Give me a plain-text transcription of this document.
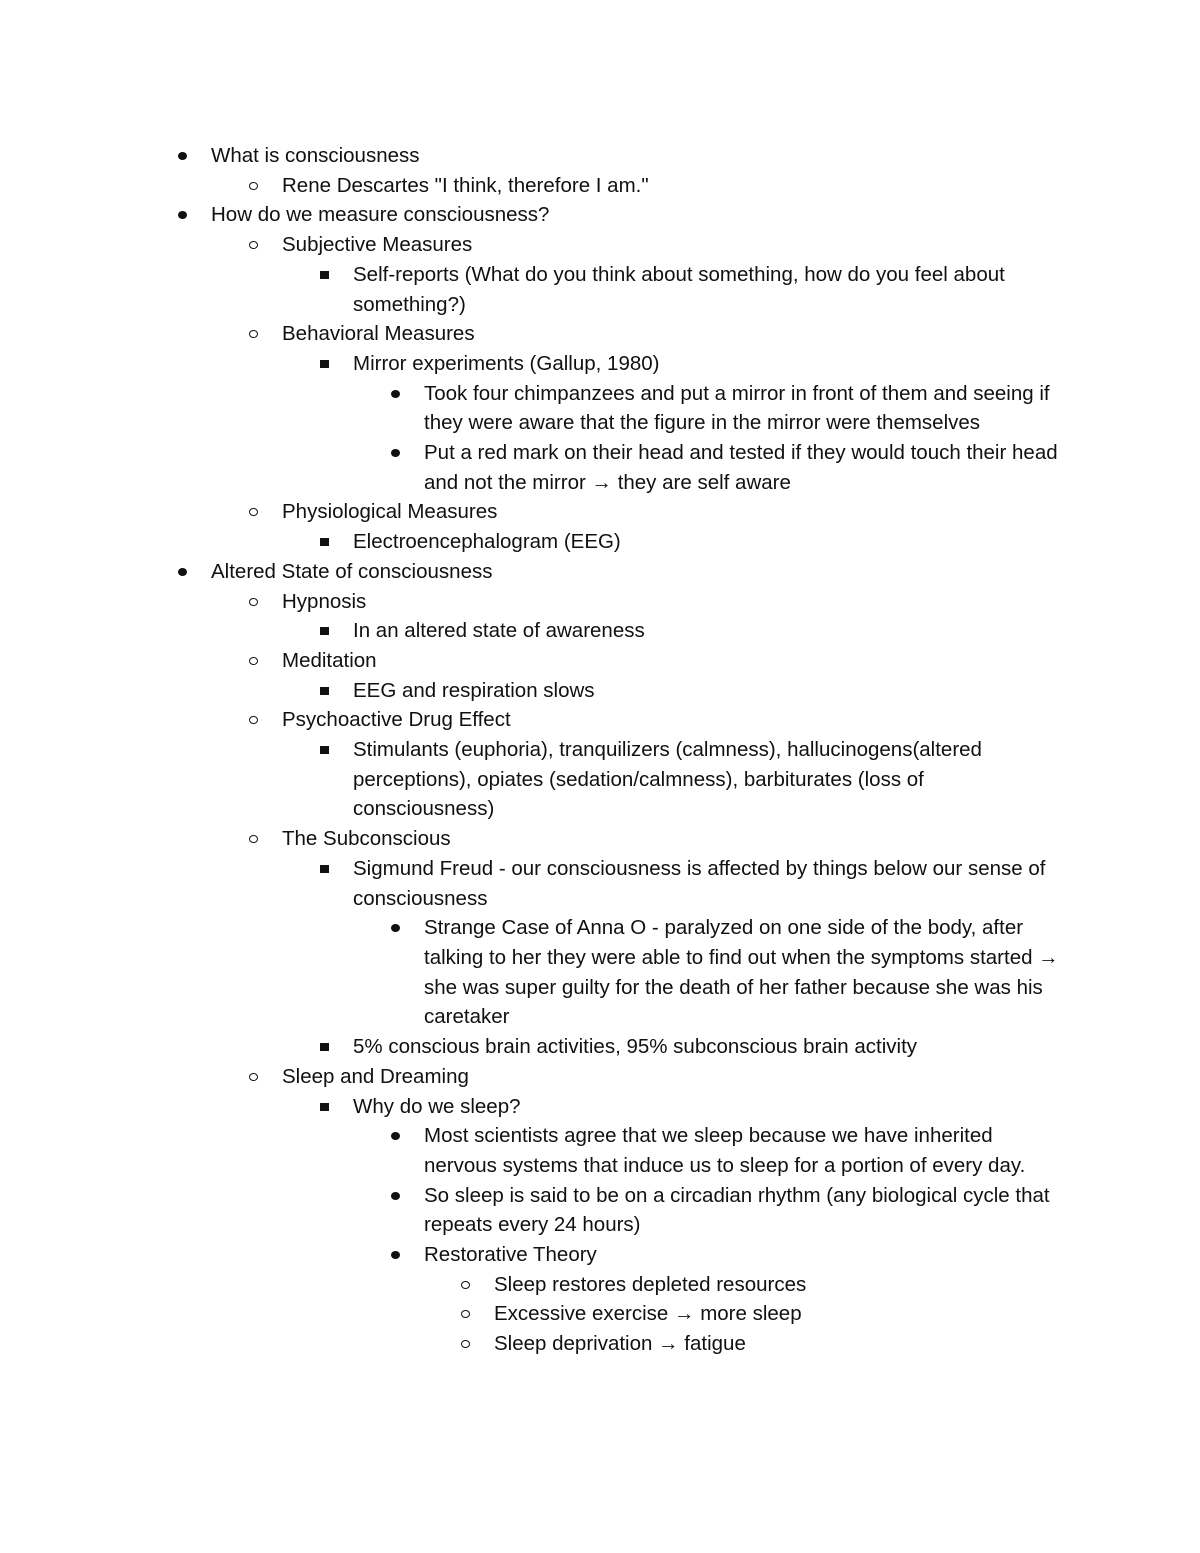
What is consciousness
Rene Descartes "I think, therefore I am."
How do we measure consciousness?
Subjective Measures
Self-reports (What do you think about something, how do you feel about something?)
Behavioral Measures
Mirror experiments (Gallup, 1980)
Took four chimpanzees and put a mirror in front of them and seeing if they were aware that the figure in the mirror were themselves
Put a red mark on their head and tested if they would touch their head and not the mirror → they are self aware
Physiological Measures
Electroencephalogram (EEG)
Altered State of consciousness
Hypnosis
In an altered state of awareness
Meditation
EEG and respiration slows
Psychoactive Drug Effect
Stimulants (euphoria), tranquilizers (calmness), hallucinogens(altered perceptions), opiates (sedation/calmness), barbiturates (loss of consciousness)
The Subconscious
Sigmund Freud - our consciousness is affected by things below our sense of consciousness
Strange Case of Anna O - paralyzed on one side of the body, after talking to her they were able to find out when the symptoms started → she was super guilty for the death of her father because she was his caretaker
5% conscious brain activities, 95% subconscious brain activity
Sleep and Dreaming
Why do we sleep?
Most scientists agree that we sleep because we have inherited nervous systems that induce us to sleep for a portion of every day.
So sleep is said to be on a circadian rhythm (any biological cycle that repeats every 24 hours)
Restorative Theory
Sleep restores depleted resources
Excessive exercise → more sleep
Sleep deprivation → fatigue
